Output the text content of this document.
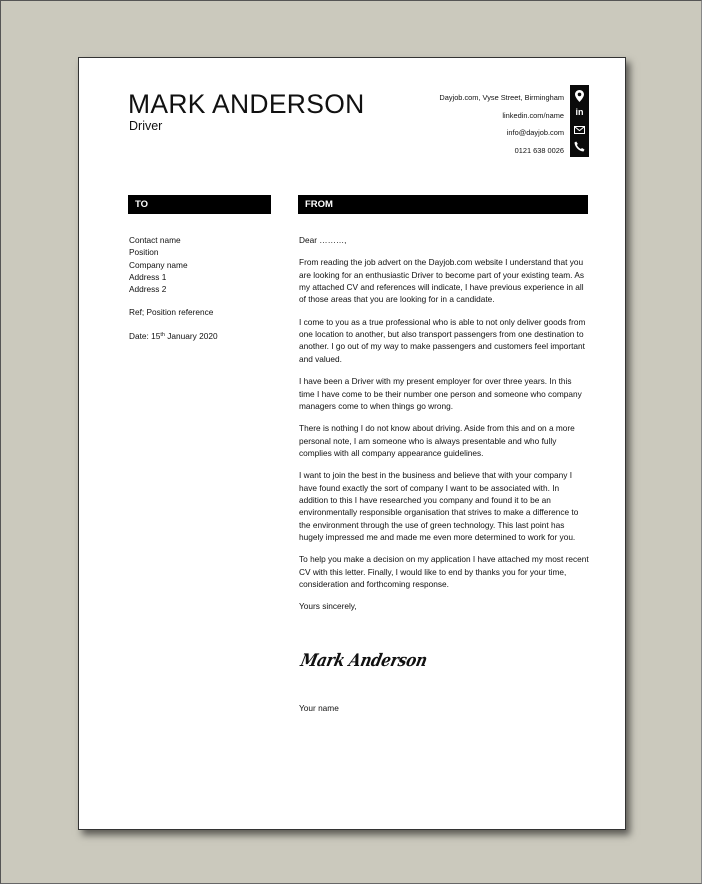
MARK ANDERSON
Driver
Dayjob.com, Vyse Street, Birmingham
linkedin.com/name
info@dayjob.com
0121 638 0026
in
TO	FROM
Contact name
Position
Company name
Address 1
Address 2
Ref; Position reference
Date: 15th January 2020

Dear ………,

From reading the job advert on the Dayjob.com website I understand that you are looking for an enthusiastic Driver to become part of your existing team. As my attached CV and references will indicate, I have previous experience in all of those areas that you are looking for in a candidate.

I come to you as a true professional who is able to not only deliver goods from one location to another, but also transport passengers from one destination to another. I go out of my way to make passengers and customers feel important and valued.

I have been a Driver with my present employer for over three years. In this time I have come to be their number one person and someone who company managers come to when things go wrong.

There is nothing I do not know about driving. Aside from this and on a more personal note, I am someone who is always presentable and who fully complies with all company appearance guidelines.

I want to join the best in the business and believe that with your company I have found exactly the sort of company I want to be associated with. In addition to this I have researched you company and found it to be an environmentally responsible organisation that strives to make a difference to the environment through the use of green technology. This last point has hugely impressed me and made me even more determined to work for you.

To help you make a decision on my application I have attached my most recent CV with this letter. Finally, I would like to end by thanks you for your time, consideration and forthcoming response.

Yours sincerely,

Mark Anderson
Your name
